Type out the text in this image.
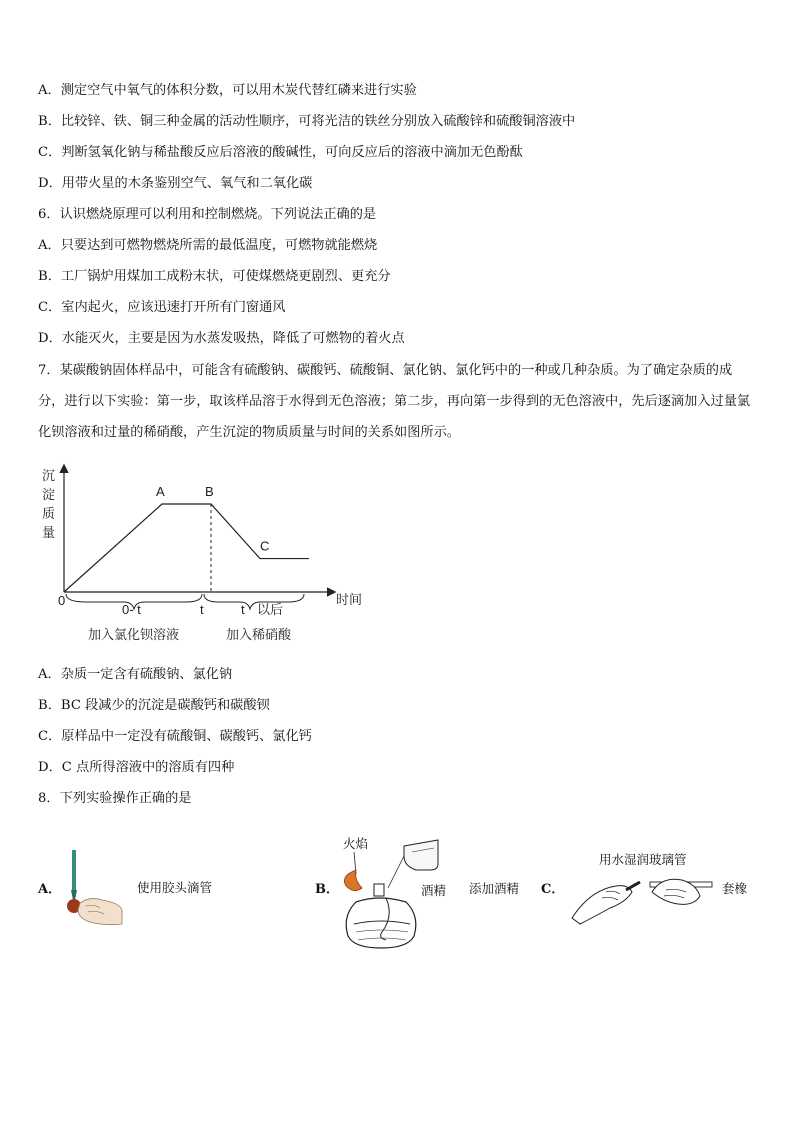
A．测定空气中氧气的体积分数，可以用木炭代替红磷来进行实验
B．比较锌、铁、铜三种金属的活动性顺序，可将光洁的铁丝分别放入硫酸锌和硫酸铜溶液中
C．判断氢氧化钠与稀盐酸反应后溶液的酸碱性，可向反应后的溶液中滴加无色酚酞
D．用带火星的木条鉴别空气、氧气和二氧化碳
6．认识燃烧原理可以利用和控制燃烧。下列说法正确的是
A．只要达到可燃物燃烧所需的最低温度，可燃物就能燃烧
B．工厂锅炉用煤加工成粉末状，可使煤燃烧更剧烈、更充分
C．室内起火，应该迅速打开所有门窗通风
D．水能灭火，主要是因为水蒸发吸热，降低了可燃物的着火点
7．某碳酸钠固体样品中，可能含有硫酸钠、碳酸钙、硫酸铜、氯化钠、氯化钙中的一种或几种杂质。为了确定杂质的成分，进行以下实验：第一步，取该样品溶于水得到无色溶液；第二步，再向第一步得到的无色溶液中，先后逐滴加入过量氯化钡溶液和过量的稀硝酸，产生沉淀的物质质量与时间的关系如图所示。
沉
淀
质
量
0	时间
A	B
C
0- t	t	t 以后
加入氯化钡溶液	加入稀硝酸
A．杂质一定含有硫酸钠、氯化钠
B．BC 段减少的沉淀是碳酸钙和碳酸钡
C．原样品中一定没有硫酸铜、碳酸钙、氯化钙
D．C 点所得溶液中的溶质有四种
8．下列实验操作正确的是
A．	使用胶头滴管	B．
火焰
酒精 添加酒精 C．
用水湿润玻璃管
套橡
